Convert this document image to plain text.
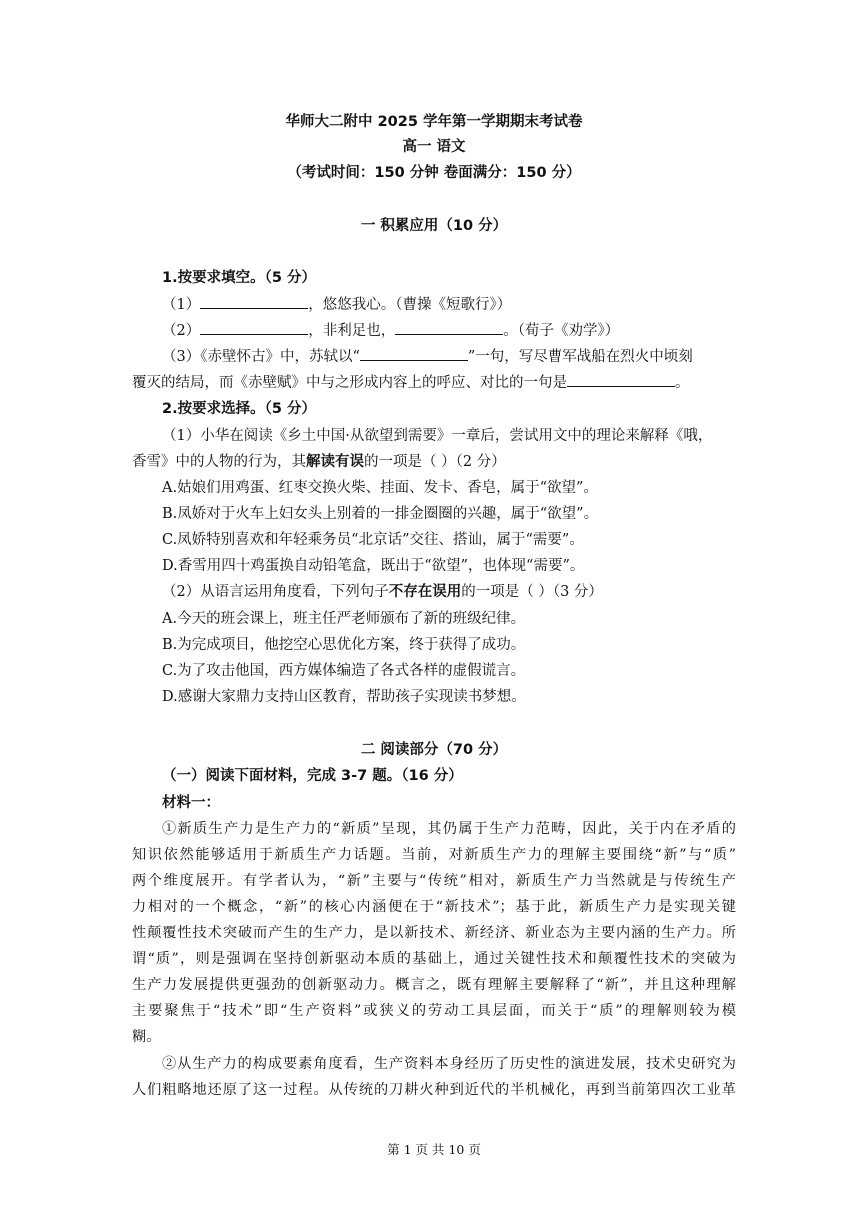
华师大二附中 2025 学年第一学期期末考试卷
高一 语文
（考试时间：150 分钟 卷面满分：150 分）
一 积累应用（10 分）
1.按要求填空。（5 分）
（1）	，悠悠我心。（曹操《短歌行》）
（2）	，非利足也，	。（荀子《劝学》）
（3）《赤壁怀古》中，苏轼以“	”一句，写尽曹军战船在烈火中顷刻
覆灭的结局，而《赤壁赋》中与之形成内容上的呼应、对比的一句是	。
2.按要求选择。（5 分）
（1）小华在阅读《乡土中国·从欲望到需要》一章后，尝试用文中的理论来解释《哦，
香雪》中的人物的行为，其解读有误的一项是（ ）（2 分）
A.姑娘们用鸡蛋、红枣交换火柴、挂面、发卡、香皂，属于“欲望”。
B.凤娇对于火车上妇女头上别着的一排金圈圈的兴趣，属于“欲望”。
C.凤娇特别喜欢和年轻乘务员“北京话”交往、搭讪，属于“需要”。
D.香雪用四十鸡蛋换自动铅笔盒，既出于“欲望”，也体现“需要”。
（2）从语言运用角度看，下列句子不存在误用的一项是（ ）（3 分）
A.今天的班会课上，班主任严老师颁布了新的班级纪律。
B.为完成项目，他挖空心思优化方案，终于获得了成功。
C.为了攻击他国，西方媒体编造了各式各样的虚假谎言。
D.感谢大家鼎力支持山区教育，帮助孩子实现读书梦想。
二 阅读部分（70 分）
（一）阅读下面材料，完成 3-7 题。（16 分）
材料一：
①新质生产力是生产力的“新质”呈现，其仍属于生产力范畴，因此，关于内在矛盾的
知识依然能够适用于新质生产力话题。当前，对新质生产力的理解主要围绕“新”与“质”
两个维度展开。有学者认为，“新”主要与“传统”相对，新质生产力当然就是与传统生产
力相对的一个概念，“新”的核心内涵便在于“新技术”；基于此，新质生产力是实现关键
性颠覆性技术突破而产生的生产力，是以新技术、新经济、新业态为主要内涵的生产力。所
谓“质”，则是强调在坚持创新驱动本质的基础上，通过关键性技术和颠覆性技术的突破为
生产力发展提供更强劲的创新驱动力。概言之，既有理解主要解释了“新”，并且这种理解
主要聚焦于“技术”即“生产资料”或狭义的劳动工具层面，而关于“质”的理解则较为模
糊。
②从生产力的构成要素角度看，生产资料本身经历了历史性的演进发展，技术史研究为
人们粗略地还原了这一过程。从传统的刀耕火种到近代的半机械化，再到当前第四次工业革
第 1 页 共 10 页
